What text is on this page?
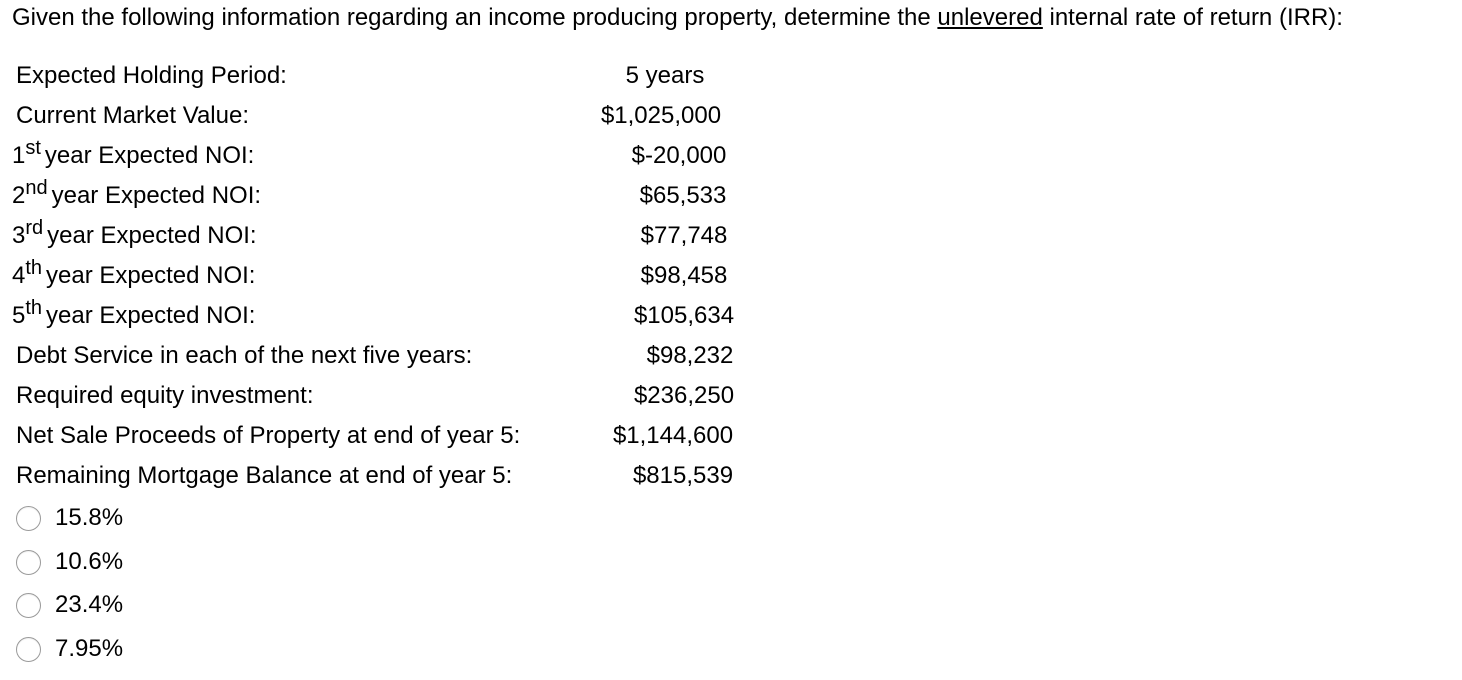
Given the following information regarding an income producing property, determine the unlevered internal rate of return (IRR):
Expected Holding Period:	5 years
Current Market Value:	$1,025,000
1st year Expected NOI:	$-20,000
2nd year Expected NOI:	$65,533
3rd year Expected NOI:	$77,748
4th year Expected NOI:	$98,458
5th year Expected NOI:	$105,634
Debt Service in each of the next five years:	$98,232
Required equity investment:	$236,250
Net Sale Proceeds of Property at end of year 5:	$1,144,600
Remaining Mortgage Balance at end of year 5:	$815,539
15.8%
10.6%
23.4%
7.95%
